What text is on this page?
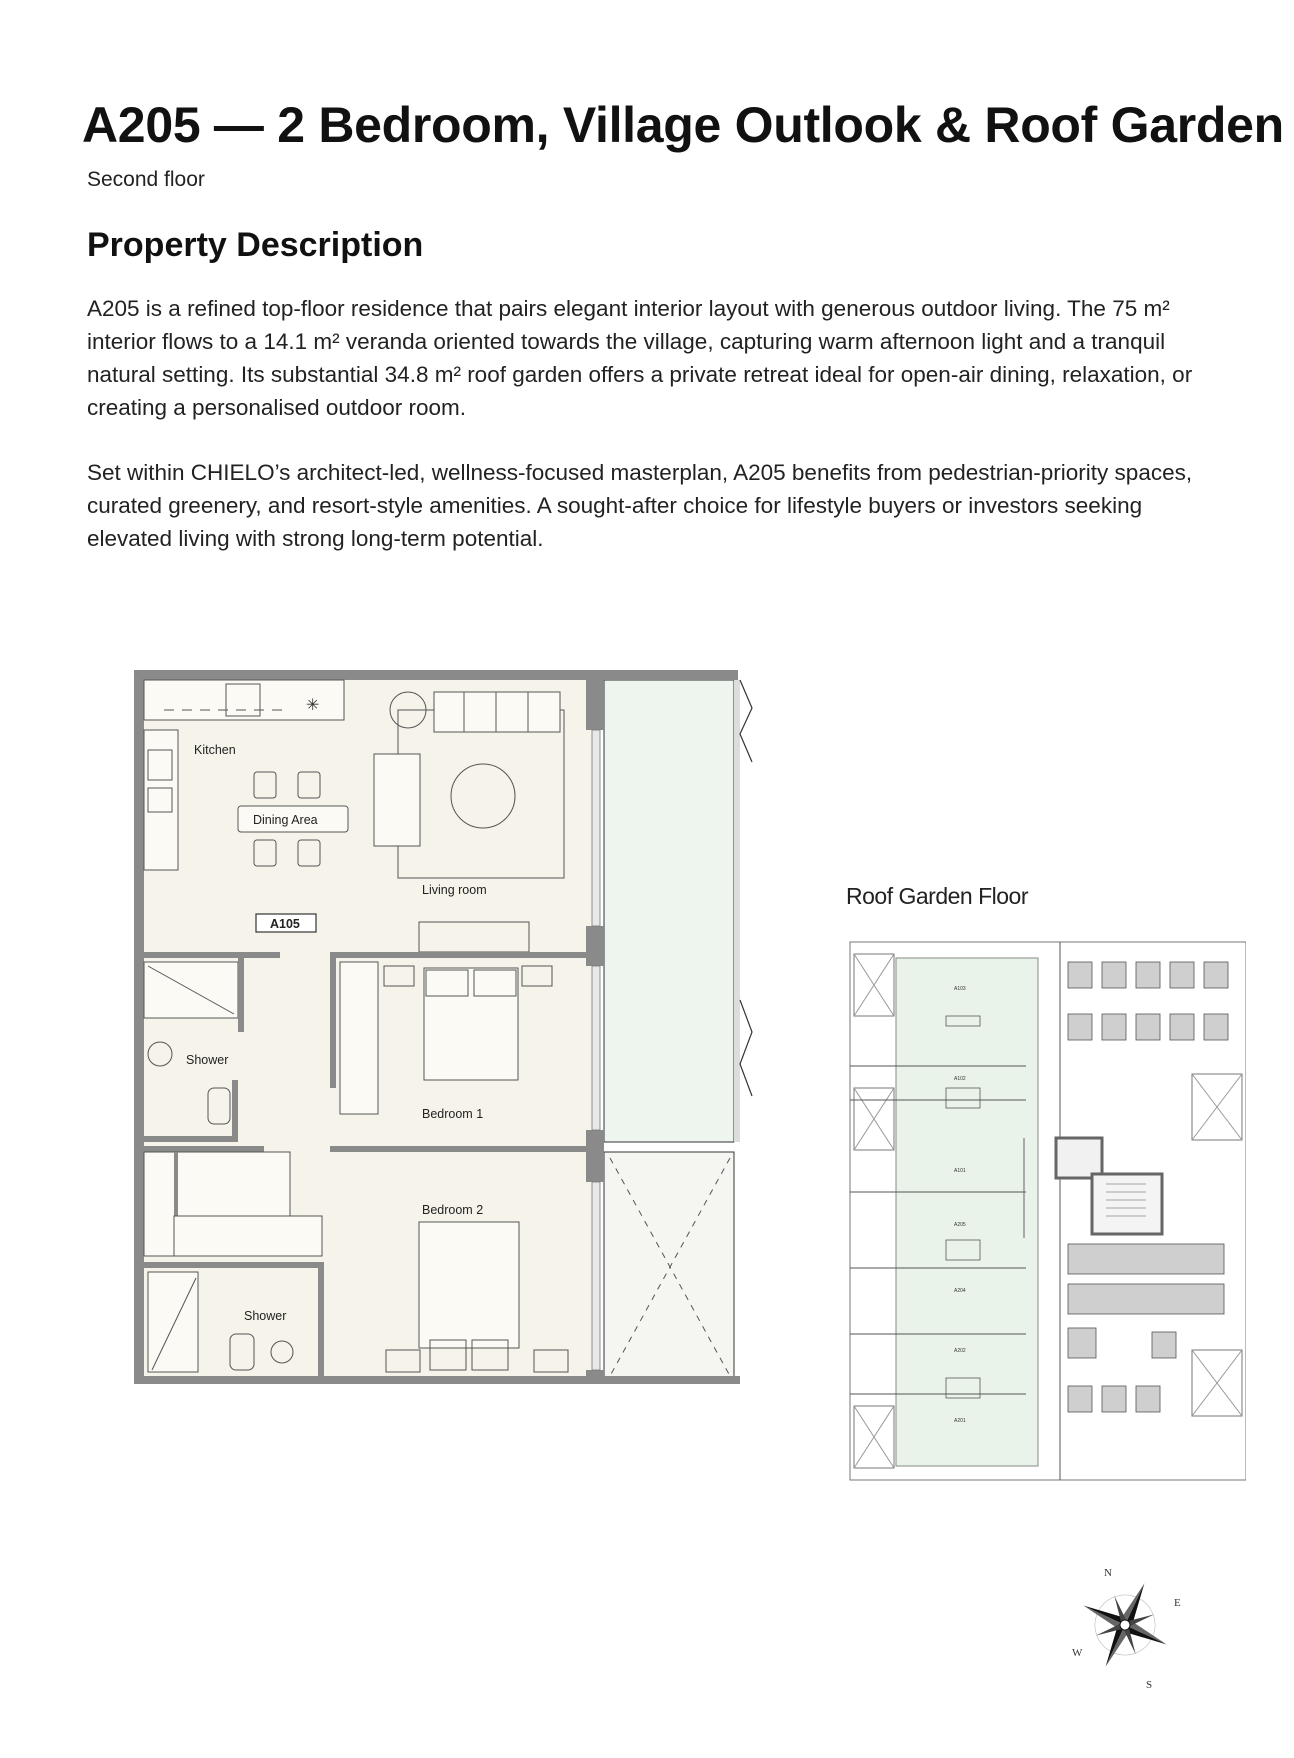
A205 — 2 Bedroom, Village Outlook & Roof Garden

Second floor

Property Description

A205 is a refined top-floor residence that pairs elegant interior layout with generous outdoor living. The 75 m² interior flows to a 14.1 m² veranda oriented towards the village, capturing warm afternoon light and a tranquil natural setting. Its substantial 34.8 m² roof garden offers a private retreat ideal for open-air dining, relaxation, or creating a personalised outdoor room.

Set within CHIELO’s architect-led, wellness-focused masterplan, A205 benefits from pedestrian-priority spaces, curated greenery, and resort-style amenities. A sought-after choice for lifestyle buyers or investors seeking elevated living with strong long-term potential.

✳
Kitchen
Dining Area
Living room
A105
Shower
Bedroom 1
Bedroom 2
Shower

Roof Garden Floor

A103
A102
A101
A205
A204
A202
A201
N
E
S
W
